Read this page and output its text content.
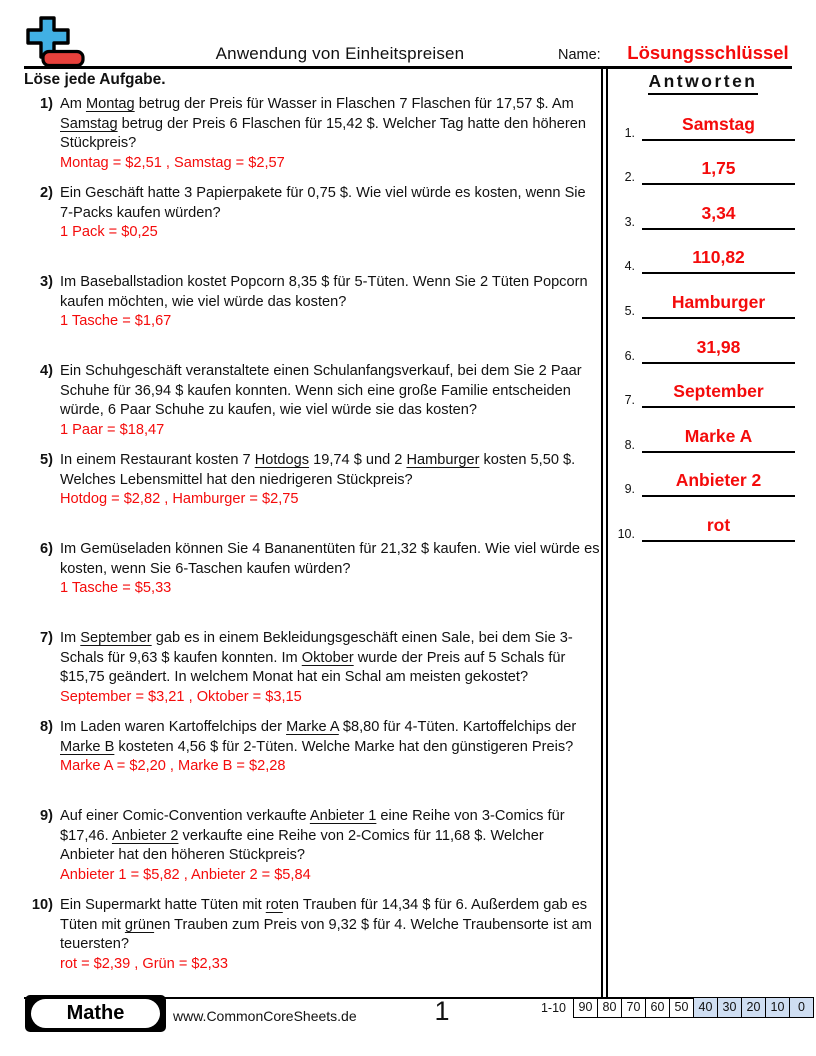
Anwendung von Einheitspreisen	Name:	Lösungsschlüssel
Löse jede Aufgabe.
1) Am Montag betrug der Preis für Wasser in Flaschen 7 Flaschen für 17,57 $. Am Samstag betrug der Preis 6 Flaschen für 15,42 $. Welcher Tag hatte den höheren Stückpreis?
Montag = $2,51 , Samstag = $2,57
2) Ein Geschäft hatte 3 Papierpakete für 0,75 $. Wie viel würde es kosten, wenn Sie 7-Packs kaufen würden?
1 Pack = $0,25
3) Im Baseballstadion kostet Popcorn 8,35 $ für 5-Tüten. Wenn Sie 2 Tüten Popcorn kaufen möchten, wie viel würde das kosten?
1 Tasche = $1,67
4) Ein Schuhgeschäft veranstaltete einen Schulanfangsverkauf, bei dem Sie 2 Paar Schuhe für 36,94 $ kaufen konnten. Wenn sich eine große Familie entscheiden würde, 6 Paar Schuhe zu kaufen, wie viel würde sie das kosten?
1 Paar = $18,47
5) In einem Restaurant kosten 7 Hotdogs 19,74 $ und 2 Hamburger kosten 5,50 $. Welches Lebensmittel hat den niedrigeren Stückpreis?
Hotdog = $2,82 , Hamburger = $2,75
6) Im Gemüseladen können Sie 4 Bananentüten für 21,32 $ kaufen. Wie viel würde es kosten, wenn Sie 6-Taschen kaufen würden?
1 Tasche = $5,33
7) Im September gab es in einem Bekleidungsgeschäft einen Sale, bei dem Sie 3-Schals für 9,63 $ kaufen konnten. Im Oktober wurde der Preis auf 5 Schals für $15,75 geändert. In welchem Monat hat ein Schal am meisten gekostet?
September = $3,21 , Oktober = $3,15
8) Im Laden waren Kartoffelchips der Marke A $8,80 für 4-Tüten. Kartoffelchips der Marke B kosteten 4,56 $ für 2-Tüten. Welche Marke hat den günstigeren Preis?
Marke A = $2,20 , Marke B = $2,28
9) Auf einer Comic-Convention verkaufte Anbieter 1 eine Reihe von 3-Comics für $17,46. Anbieter 2 verkaufte eine Reihe von 2-Comics für 11,68 $. Welcher Anbieter hat den höheren Stückpreis?
Anbieter 1 = $5,82 , Anbieter 2 = $5,84
10) Ein Supermarkt hatte Tüten mit roten Trauben für 14,34 $ für 6. Außerdem gab es Tüten mit grünen Trauben zum Preis von 9,32 $ für 4. Welche Traubensorte ist am teuersten?
rot = $2,39 , Grün = $2,33
Antworten
1.	Samstag
2.	1,75
3.	3,34
4.	110,82
5.	Hamburger
6.	31,98
7.	September
8.	Marke A
9.	Anbieter 2
10.	rot
Mathe	www.CommonCoreSheets.de	1	1-10	90 80 70 60 50 40 30 20 10	0
